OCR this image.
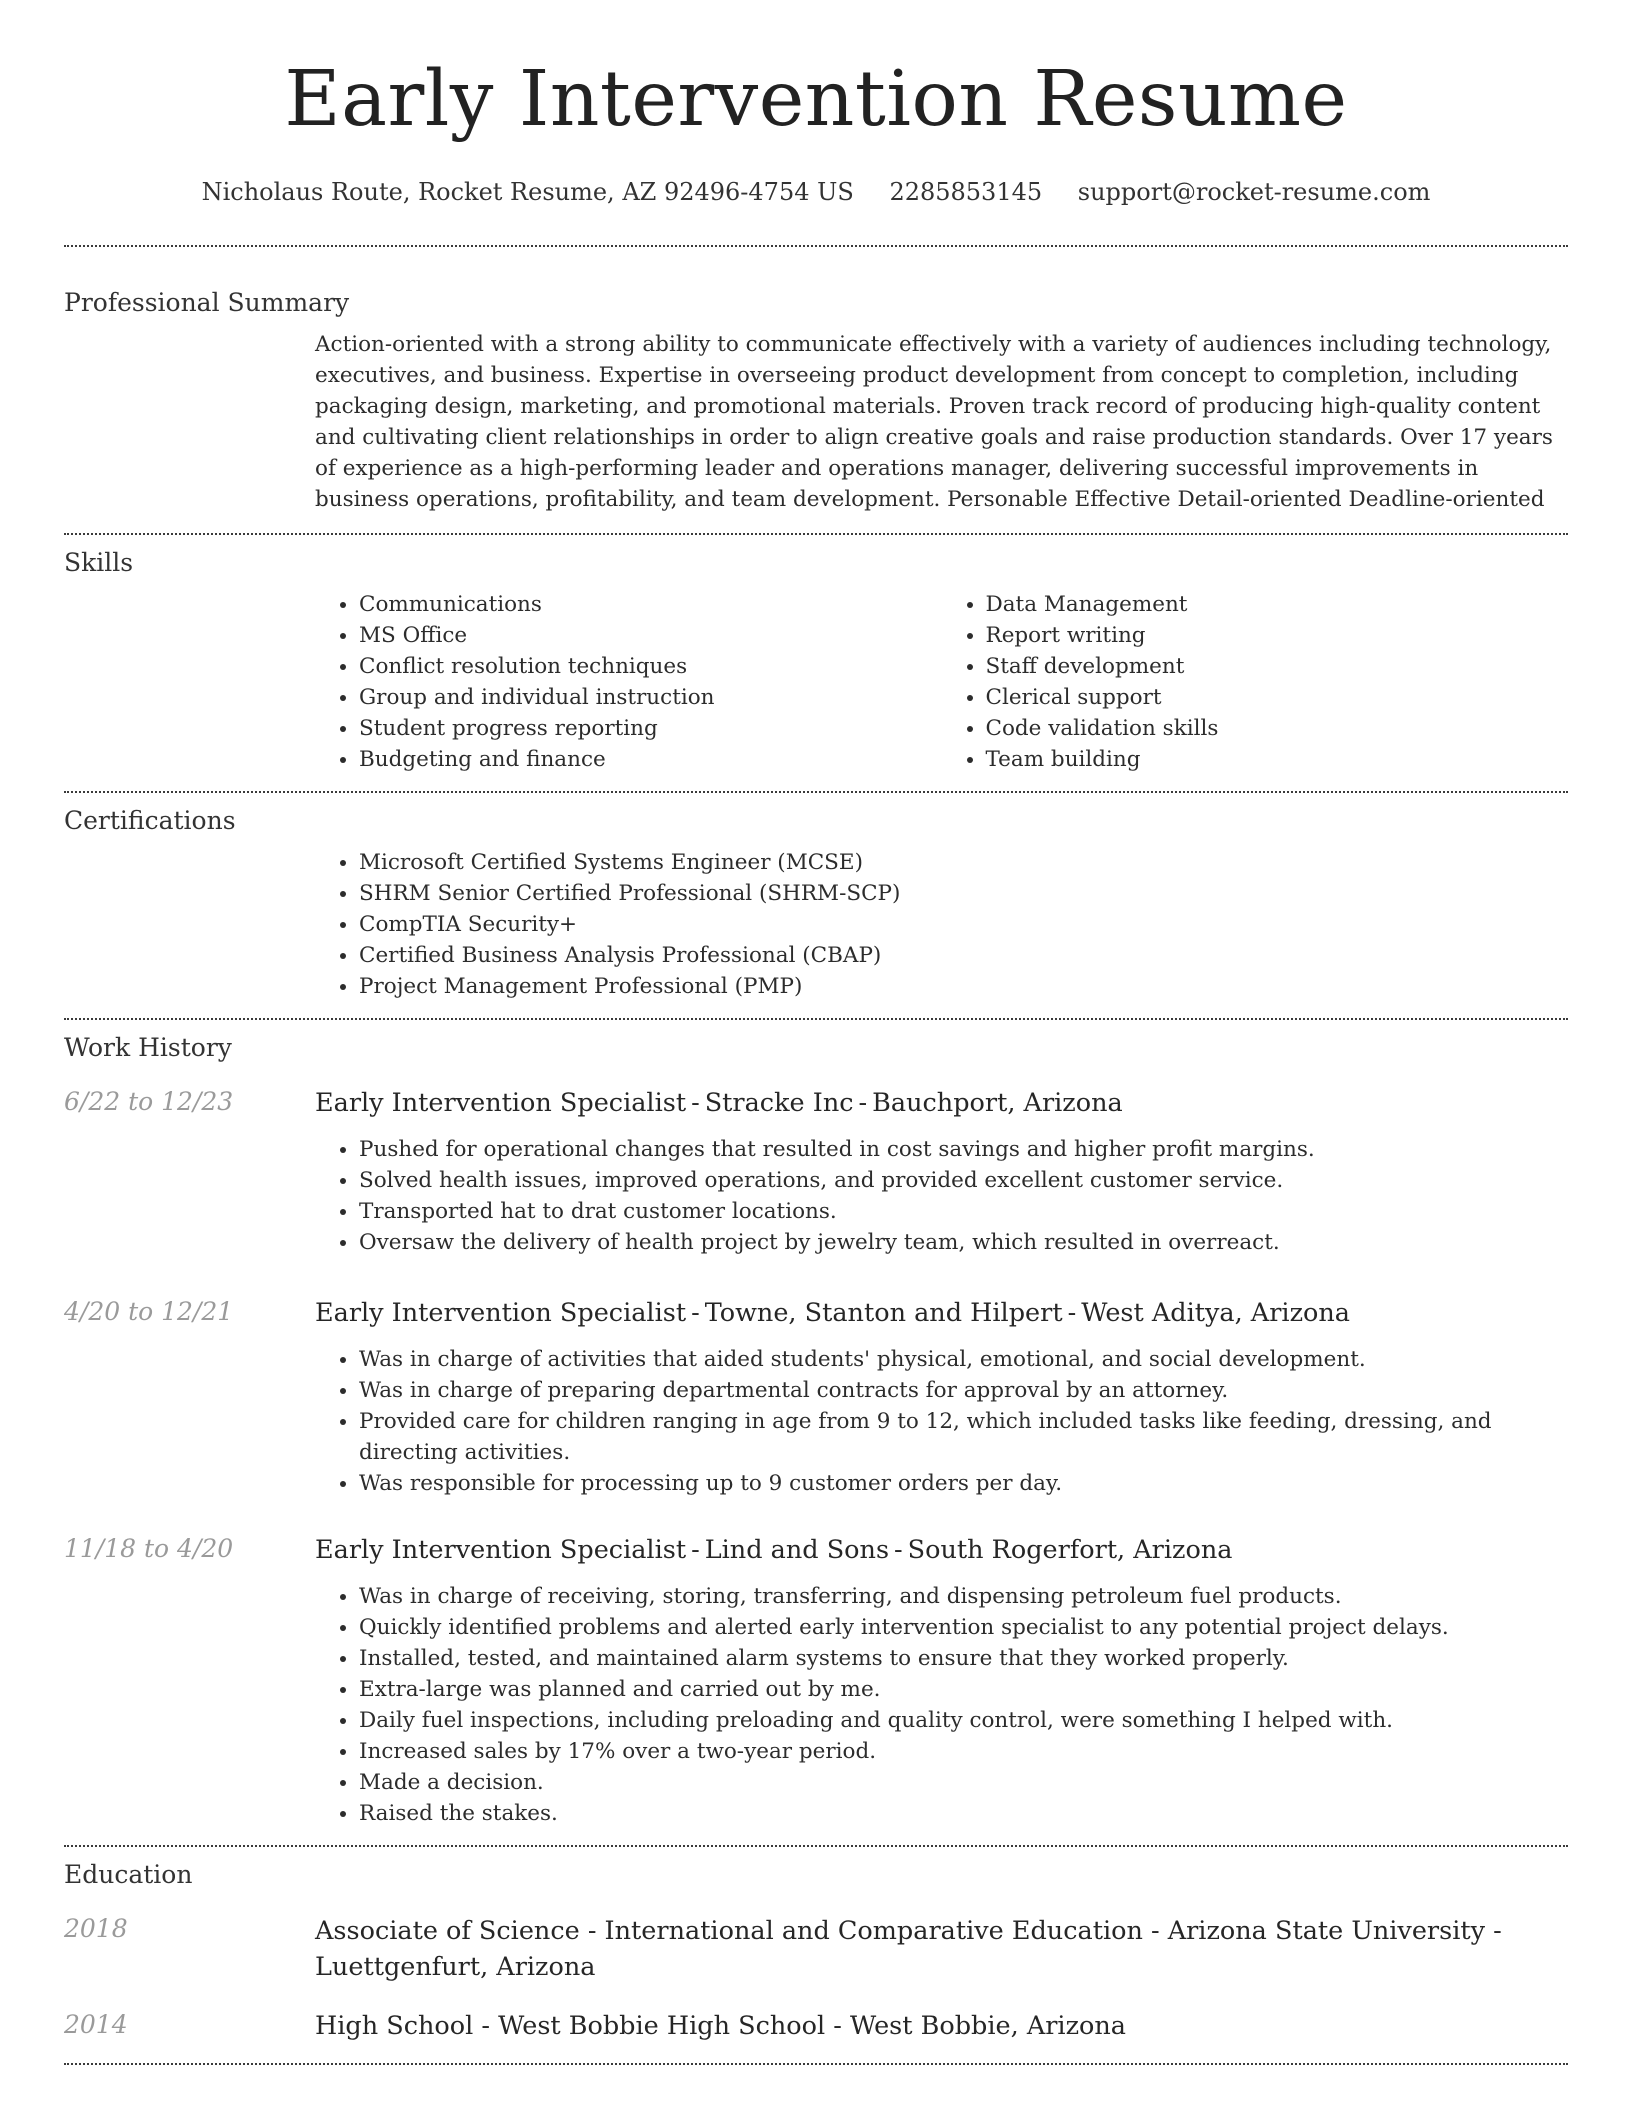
Early Intervention Resume
Nicholaus Route, Rocket Resume, AZ 92496-4754 US 2285853145 support@rocket-resume.com
Professional Summary
Action-oriented with a strong ability to communicate effectively with a variety of audiences including technology, executives, and business. Expertise in overseeing product development from concept to completion, including packaging design, marketing, and promotional materials. Proven track record of producing high-quality content and cultivating client relationships in order to align creative goals and raise production standards. Over 17 years of experience as a high-performing leader and operations manager, delivering successful improvements in business operations, profitability, and team development. Personable Effective Detail-oriented Deadline-oriented
Skills
• Communications
• MS Office
• Conflict resolution techniques
• Group and individual instruction
• Student progress reporting
• Budgeting and finance
• Data Management
• Report writing
• Staff development
• Clerical support
• Code validation skills
• Team building
Certifications
• Microsoft Certified Systems Engineer (MCSE)
• SHRM Senior Certified Professional (SHRM-SCP)
• CompTIA Security+
• Certified Business Analysis Professional (CBAP)
• Project Management Professional (PMP)
Work History
6/22 to 12/23	Early Intervention Specialist - Stracke Inc - Bauchport, Arizona
• Pushed for operational changes that resulted in cost savings and higher profit margins.
• Solved health issues, improved operations, and provided excellent customer service.
• Transported hat to drat customer locations.
• Oversaw the delivery of health project by jewelry team, which resulted in overreact.
4/20 to 12/21	Early Intervention Specialist - Towne, Stanton and Hilpert - West Aditya, Arizona
• Was in charge of activities that aided students' physical, emotional, and social development.
• Was in charge of preparing departmental contracts for approval by an attorney.
• Provided care for children ranging in age from 9 to 12, which included tasks like feeding, dressing, and directing activities.
• Was responsible for processing up to 9 customer orders per day.
11/18 to 4/20	Early Intervention Specialist - Lind and Sons - South Rogerfort, Arizona
• Was in charge of receiving, storing, transferring, and dispensing petroleum fuel products.
• Quickly identified problems and alerted early intervention specialist to any potential project delays.
• Installed, tested, and maintained alarm systems to ensure that they worked properly.
• Extra-large was planned and carried out by me.
• Daily fuel inspections, including preloading and quality control, were something I helped with.
• Increased sales by 17% over a two-year period.
• Made a decision.
• Raised the stakes.
Education
2018	Associate of Science - International and Comparative Education - Arizona State University - Luettgenfurt, Arizona
2014	High School - West Bobbie High School - West Bobbie, Arizona
